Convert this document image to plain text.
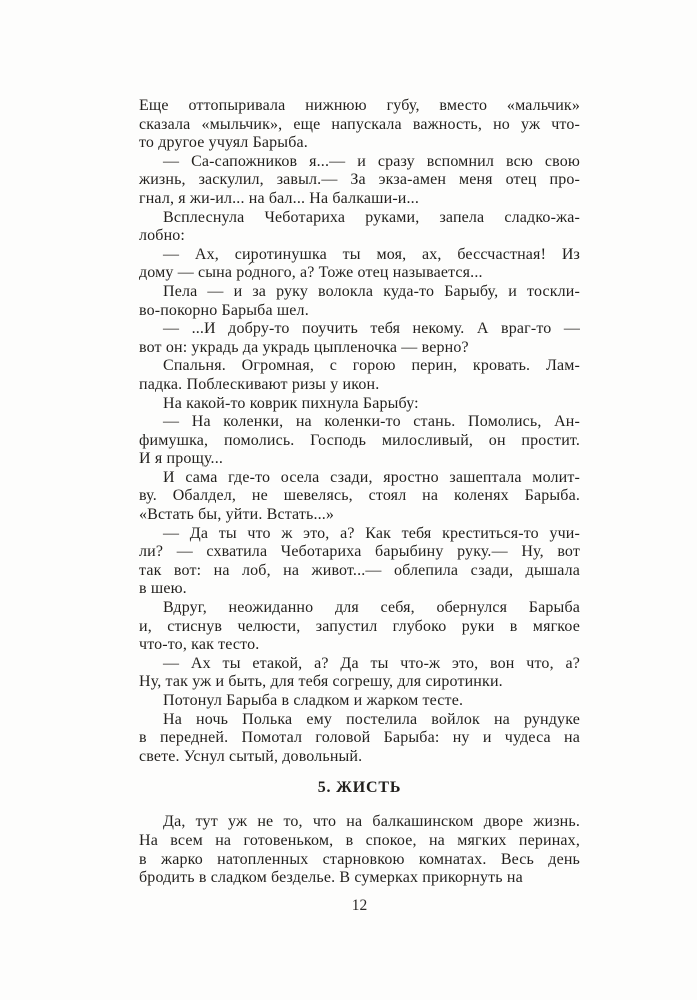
Еще оттопыривала нижнюю губу, вместо «мальчик»
сказала «мыльчик», еще напускала важность, но уж что-
то другое учуял Барыба.

— Са-сапожников я...— и сразу вспомнил всю свою
жизнь, заскулил, завыл.— За экза-амен меня отец про-
гнал, я жи-ил... на бал... На балкаши-и...

Всплеснула Чеботариха руками, запела сладко-жа-
лобно:

— Ах, сиротинушка ты моя, ах, бессчастная! Из
дому — сына ро́дного, а? Тоже отец называется...

Пела — и за руку волокла куда-то Барыбу, и тоскли-
во-покорно Барыба шел.

— ...И добру-то поучить тебя некому. А враг-то —
вот он: украдь да украдь цыпленочка — верно?

Спальня. Огромная, с горою перин, кровать. Лам-
падка. Поблескивают ризы у икон.

На какой-то коврик пихнула Барыбу:

— На коленки, на коленки-то стань. Помолись, Ан-
фимушка, помолись. Господь милосливый, он простит.
И я прощу...

И сама где-то осела сзади, яростно зашептала молит-
ву. Обалдел, не шевелясь, стоял на коленях Барыба.
«Встать бы, уйти. Встать...»

— Да ты что ж это, а? Как тебя креститься-то учи-
ли? — схватила Чеботариха барыбину руку.— Ну, вот
так вот: на лоб, на живот...— облепила сзади, дышала
в шею.

Вдруг, неожиданно для себя, обернулся Барыба
и, стиснув челюсти, запустил глубоко руки в мягкое
что-то, как тесто.

— Ах ты етакой, а? Да ты что-ж это, вон что, а?
Ну, так уж и быть, для тебя согрешу, для сиротинки.

Потонул Барыба в сладком и жарком тесте.

На ночь Полька ему постелила войлок на рундуке
в передней. Помотал головой Барыба: ну и чудеса на
свете. Уснул сытый, довольный.

5. ЖИСТЬ

Да, тут уж не то, что на балкашинском дворе жизнь.
На всем на готовеньком, в спокое, на мягких перинах,
в жарко натопленных старновкою комнатах. Весь день
бродить в сладком безделье. В сумерках прикорнуть на

12
